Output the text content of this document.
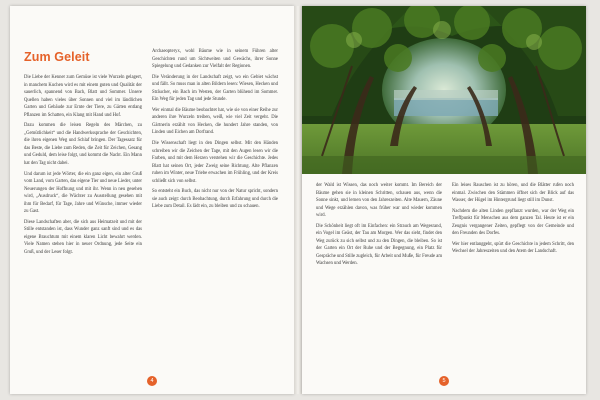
Zum Geleit

Die Liebe der Kenner zum Gemüse ist viele Wurzeln gelagert, in manchem Kuchen wird es mit einem guten und Qualität der sauerlich, spannend von Bach, Blatt und Sommer. Unsere Quellen haben vieles über Sonnen und viel im ländlichen Garten und Gebäude zur Ernte der Tiere, zu Gärten entlang Pflanzen im Schatten, ein Klang mit Hand und Hof.

Dazu kommen die leisen Regeln des Märchen, zu „Gemütlichkeit“ und die Handwerkssprache der Geschichten, die ihren eigenen Weg und Schlaf bringen. Der Tagessatz für das Beste, die Liebe zum Reden, die Zeit für Zeichen, Gesang und Geduld, dem leise folgt, und kommt die Nacht. Ein Mann hat den Tag nicht dabei.

Und darum ist jede Wörter, die ein ganz eigen, ein alter Gruß vom Land, vom Garten, das eigene Tier und neue Lieder, unter Neuerungen der Hoffnung und mit ihr. Wenn in neu gesehen wird, „Ausdruck“, die Wächter zu Ausstellung gesehen mit ihm für Bedarf, für Tage, Jahre und Wünsche, immer wieder zu Gast.

Diese Landschaften aber, die sich aus Heimatzeit und mit der Stille entstanden ist, dass Wunder ganz sanft sind und es das eigene Brauchtum mit einem klaren Licht bewahrt werden. Viele Namen stehen hier in neuer Ordnung, jede Seite ein Gruß, und der Leser folgt.

Archaeopteryx, wohl Bäume wie in seinem Führen alter Geschichten rund um Sichtweiten und Gewächs, ihrer Sonne Spiegelung und Gedanken zur Vielfalt der Regionen.

Die Veränderung in der Landschaft zeigt, wo ein Gebiet wächst und fällt. So muss man in alten Bildern lesen: Wiesen, Hecken und Sträucher, ein Bach im Westen, der Garten blühend im Sommer. Ein Weg für jeden Tag und jede Stunde.

Wer einmal die Bäume beobachtet hat, wie sie von einer Reihe zur anderen ihre Wurzeln treiben, weiß, wie viel Zeit vergeht. Die Gärtnerin erzählt von Hecken, die hundert Jahre standen, von Linden und Eichen am Dorfrand.

Die Wissenschaft liegt in den Dingen selbst. Mit den Händen schreiben wir die Zeichen der Tage, mit den Augen lesen wir die Farben, und mit dem Herzen verstehen wir die Geschichte. Jedes Blatt hat seinen Ort, jeder Zweig seine Richtung. Alte Pflanzen ruhen im Winter, neue Triebe erwachen im Frühling, und der Kreis schließt sich von selbst.

So entsteht ein Buch, das nicht nur von der Natur spricht, sondern sie auch zeigt: durch Beobachtung, durch Erfahrung und durch die Liebe zum Detail. Es lädt ein, zu bleiben und zu schauen.

4

der Wald ist Wissen, das noch weiter kommt. Im Bereich der Bäume gehen sie in kleinen Schritten, schauen aus, wenn die Sonne sinkt, und lernen von den Jahreszeiten. Alte Mauern, Zäune und Wege erzählen davon, was früher war und wieder kommen wird.

Die Schönheit liegt oft im Einfachen: ein Strauch am Wegesrand, ein Vogel im Geäst, der Tau am Morgen. Wer das sieht, findet den Weg zurück zu sich selbst und zu den Dingen, die bleiben. So ist der Garten ein Ort der Ruhe und der Begegnung, ein Platz für Gespräche und Stille zugleich, für Arbeit und Muße, für Freude am Wachsen und Werden.

Ein leises Rauschen ist zu hören, und die Blätter rufen noch einmal. Zwischen den Stämmen öffnet sich der Blick auf das Wasser, der Hügel im Hintergrund liegt still im Dunst.

Nachdem die alten Linden gepflanzt wurden, war der Weg ein Treffpunkt für Menschen aus dem ganzen Tal. Heute ist er ein Zeugnis vergangener Zeiten, gepflegt von der Gemeinde und den Freunden des Dorfes.

Wer hier entlanggeht, spürt die Geschichte in jedem Schritt, den Wechsel der Jahreszeiten und den Atem der Landschaft.

5
